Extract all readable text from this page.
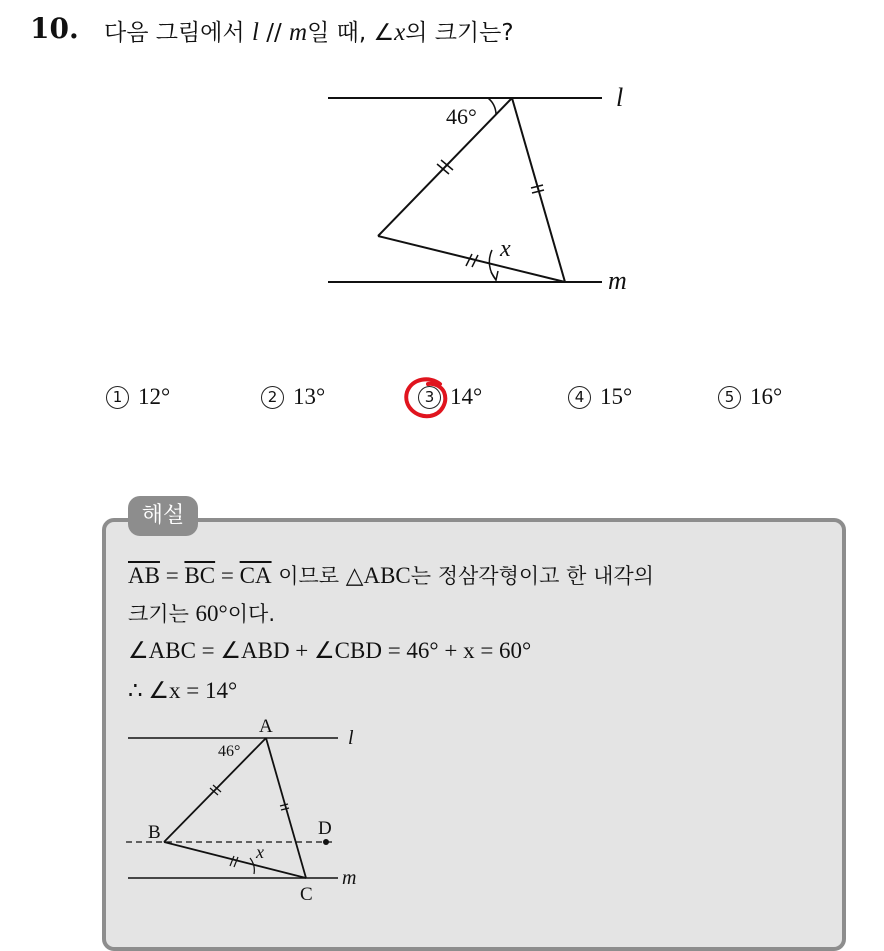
10. 다음 그림에서 l // m일 때, ∠x의 크기는?
46°
x
l
m
1 12°	2 13°	3 14°	4 15°	5 16°
해설
$\overline{AB} = \overline{BC} = \overline{CA}$ 이므로 △ABC는 정삼각형이고 한 내각의
크기는 60°이다.
∠ABC = ∠ABD + ∠CBD = 46° + x = 60°
∴ ∠x = 14°
A
B
C
D
46°
x
l
m
